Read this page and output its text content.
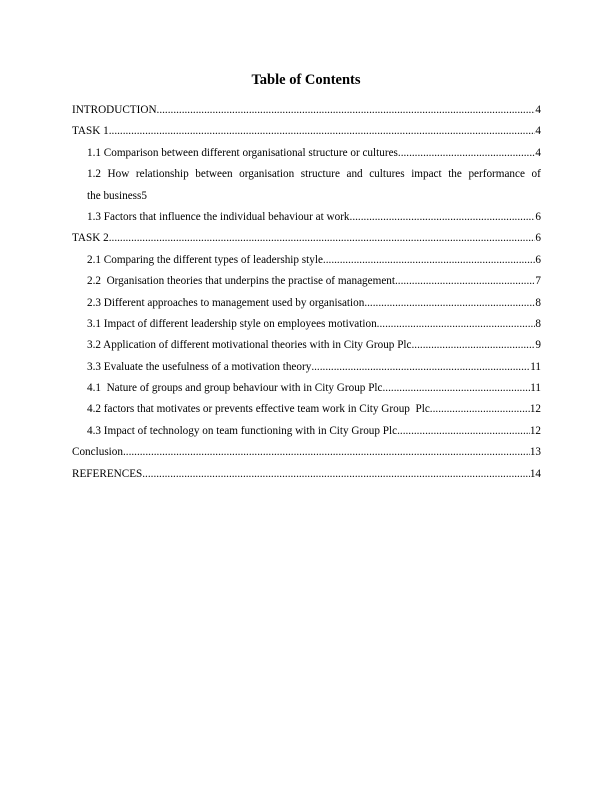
Table of Contents
INTRODUCTION .....	4
TASK 1 .....	4
1.1 Comparison between different organisational structure or cultures .....	4
1.2 How relationship between organisation structure and cultures impact the performance of
the business 5
1.3 Factors that influence the individual behaviour at work .....	6
TASK 2 .....	6
2.1 Comparing the different types of leadership style .....	6
2.2  Organisation theories that underpins the practise of management .....	7
2.3 Different approaches to management used by organisation .....	8
3.1 Impact of different leadership style on employees motivation .....	8
3.2 Application of different motivational theories with in City Group Plc .....	9
3.3 Evaluate the usefulness of a motivation theory .....	11
4.1  Nature of groups and group behaviour with in City Group Plc .....	11
4.2 factors that motivates or prevents effective team work in City Group  Plc .....	12
4.3 Impact of technology on team functioning with in City Group Plc .....	12
Conclusion .....	13
REFERENCES .....	14
